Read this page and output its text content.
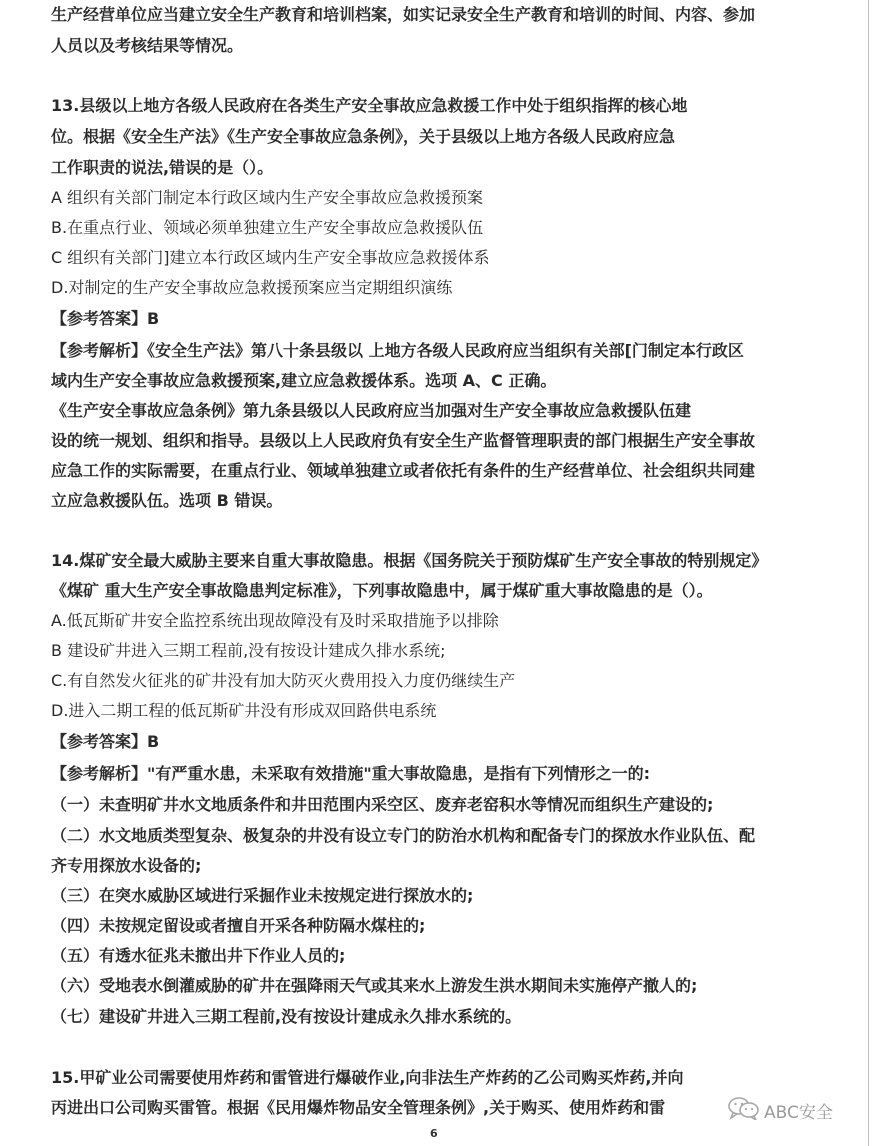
生产经营单位应当建立安全生产教育和培训档案，如实记录安全生产教育和培训的时间、内容、参加
人员以及考核结果等情况。
13.县级以上地方各级人民政府在各类生产安全事故应急救援工作中处于组织指挥的核心地
位。根据《安全生产法》《生产安全事故应急条例》，关于县级以上地方各级人民政府应急
工作职责的说法,错误的是（）。
A 组织有关部门制定本行政区域内生产安全事故应急救援预案
B.在重点行业、领域必须单独建立生产安全事故应急救援队伍
C 组织有关部门]建立本行政区域内生产安全事故应急救援体系
D.对制定的生产安全事故应急救援预案应当定期组织演练
【参考答案】B
【参考解析】《安全生产法》第八十条县级以 上地方各级人民政府应当组织有关部[门制定本行政区
域内生产安全事故应急救援预案,建立应急救援体系。选项 A、C 正确。
《生产安全事故应急条例》第九条县级以人民政府应当加强对生产安全事故应急救援队伍建
设的统一规划、组织和指导。县级以上人民政府负有安全生产监督管理职责的部门根据生产安全事故
应急工作的实际需要，在重点行业、领域单独建立或者依托有条件的生产经营单位、社会组织共同建
立应急救援队伍。选项 B 错误。
14.煤矿安全最大威胁主要来自重大事故隐患。根据《国务院关于预防煤矿生产安全事故的特别规定》
《煤矿 重大生产安全事故隐患判定标准》，下列事故隐患中，属于煤矿重大事故隐患的是（）。
A.低瓦斯矿井安全监控系统出现故障没有及时采取措施予以排除
B 建设矿井进入三期工程前,没有按设计建成久排水系统;
C.有自然发火征兆的矿井没有加大防灭火费用投入力度仍继续生产
D.进入二期工程的低瓦斯矿井没有形成双回路供电系统
【参考答案】B
【参考解析】"有严重水患，未采取有效措施"重大事故隐患，是指有下列情形之一的:
（一）未查明矿井水文地质条件和井田范围内采空区、废弃老窑积水等情况而组织生产建设的;
（二）水文地质类型复杂、极复杂的井没有设立专门的防治水机构和配备专门的探放水作业队伍、配
齐专用探放水设备的;
（三）在突水威胁区域进行采掘作业未按规定进行探放水的;
（四）未按规定留设或者擅自开采各种防隔水煤柱的;
（五）有透水征兆未撤出井下作业人员的;
（六）受地表水倒灌威胁的矿井在强降雨天气或其来水上游发生洪水期间未实施停产撤人的;
（七）建设矿井进入三期工程前,没有按设计建成永久排水系统的。
15.甲矿业公司需要使用炸药和雷管进行爆破作业,向非法生产炸药的乙公司购买炸药,并向
丙进出口公司购买雷管。根据《民用爆炸物品安全管理条例》,关于购买、使用炸药和雷	ABC安全
6
